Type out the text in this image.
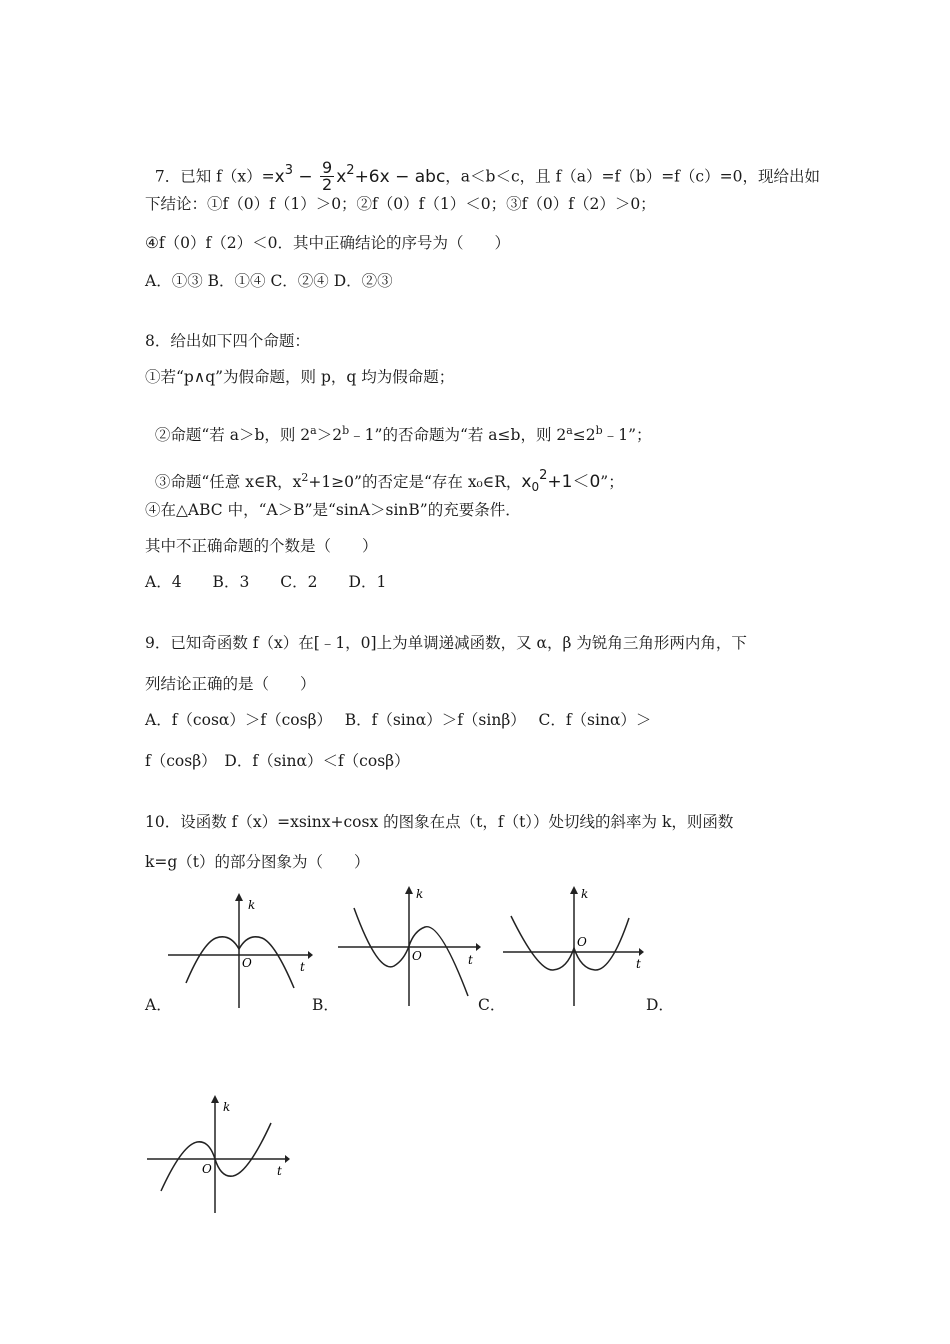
7．已知 $f(x)=x^3 - \frac{9}{2} x^2+6x$ − abc，a＜b＜c，且 f（a）=f（b）=f（c）=0，现给出如

下结论：①f（0）f（1）＞0；②f（0）f（1）＜0；③f（0）f（2）＞0；
④f（0）f（2）＜0．其中正确结论的序号为（　　）
A．①③ B．①④ C．②④ D．②③
8．给出如下四个命题：
①若“p∧q”为假命题，则 p，q 均为假命题；

②命题“若 a＞b，则 $2^a>2^b﹣1$”的否命题为“若 a≤b，则 $2^a\le 2^b﹣1$”；

③命题“任意 x∈R，$x^2+1\ge 0$”的否定是“存在 x₀∈R，$x_0^2+1<0$”；

④在△ABC 中，“A＞B”是“sinA＞sinB”的充要条件．
其中不正确命题的个数是（　　）
A．4　　B．3　　C．2　　D．1
9．已知奇函数 f（x）在[﹣1，0]上为单调递减函数，又 α，β 为锐角三角形两内角，下
列结论正确的是（　　）
A．f（cosα）＞f（cosβ）　 B．f（sinα）＞f（sinβ）　 C．f（sinα）＞
f（cosβ）　D．f（sinα）＜f（cosβ）
10．设函数 f（x）=xsinx+cosx 的图象在点（t，f（t））处切线的斜率为 k，则函数
k=g（t）的部分图象为（　　）
k
t
O
A．
k
t
O
B．
k
t
O
C．	D．
k
t
O
